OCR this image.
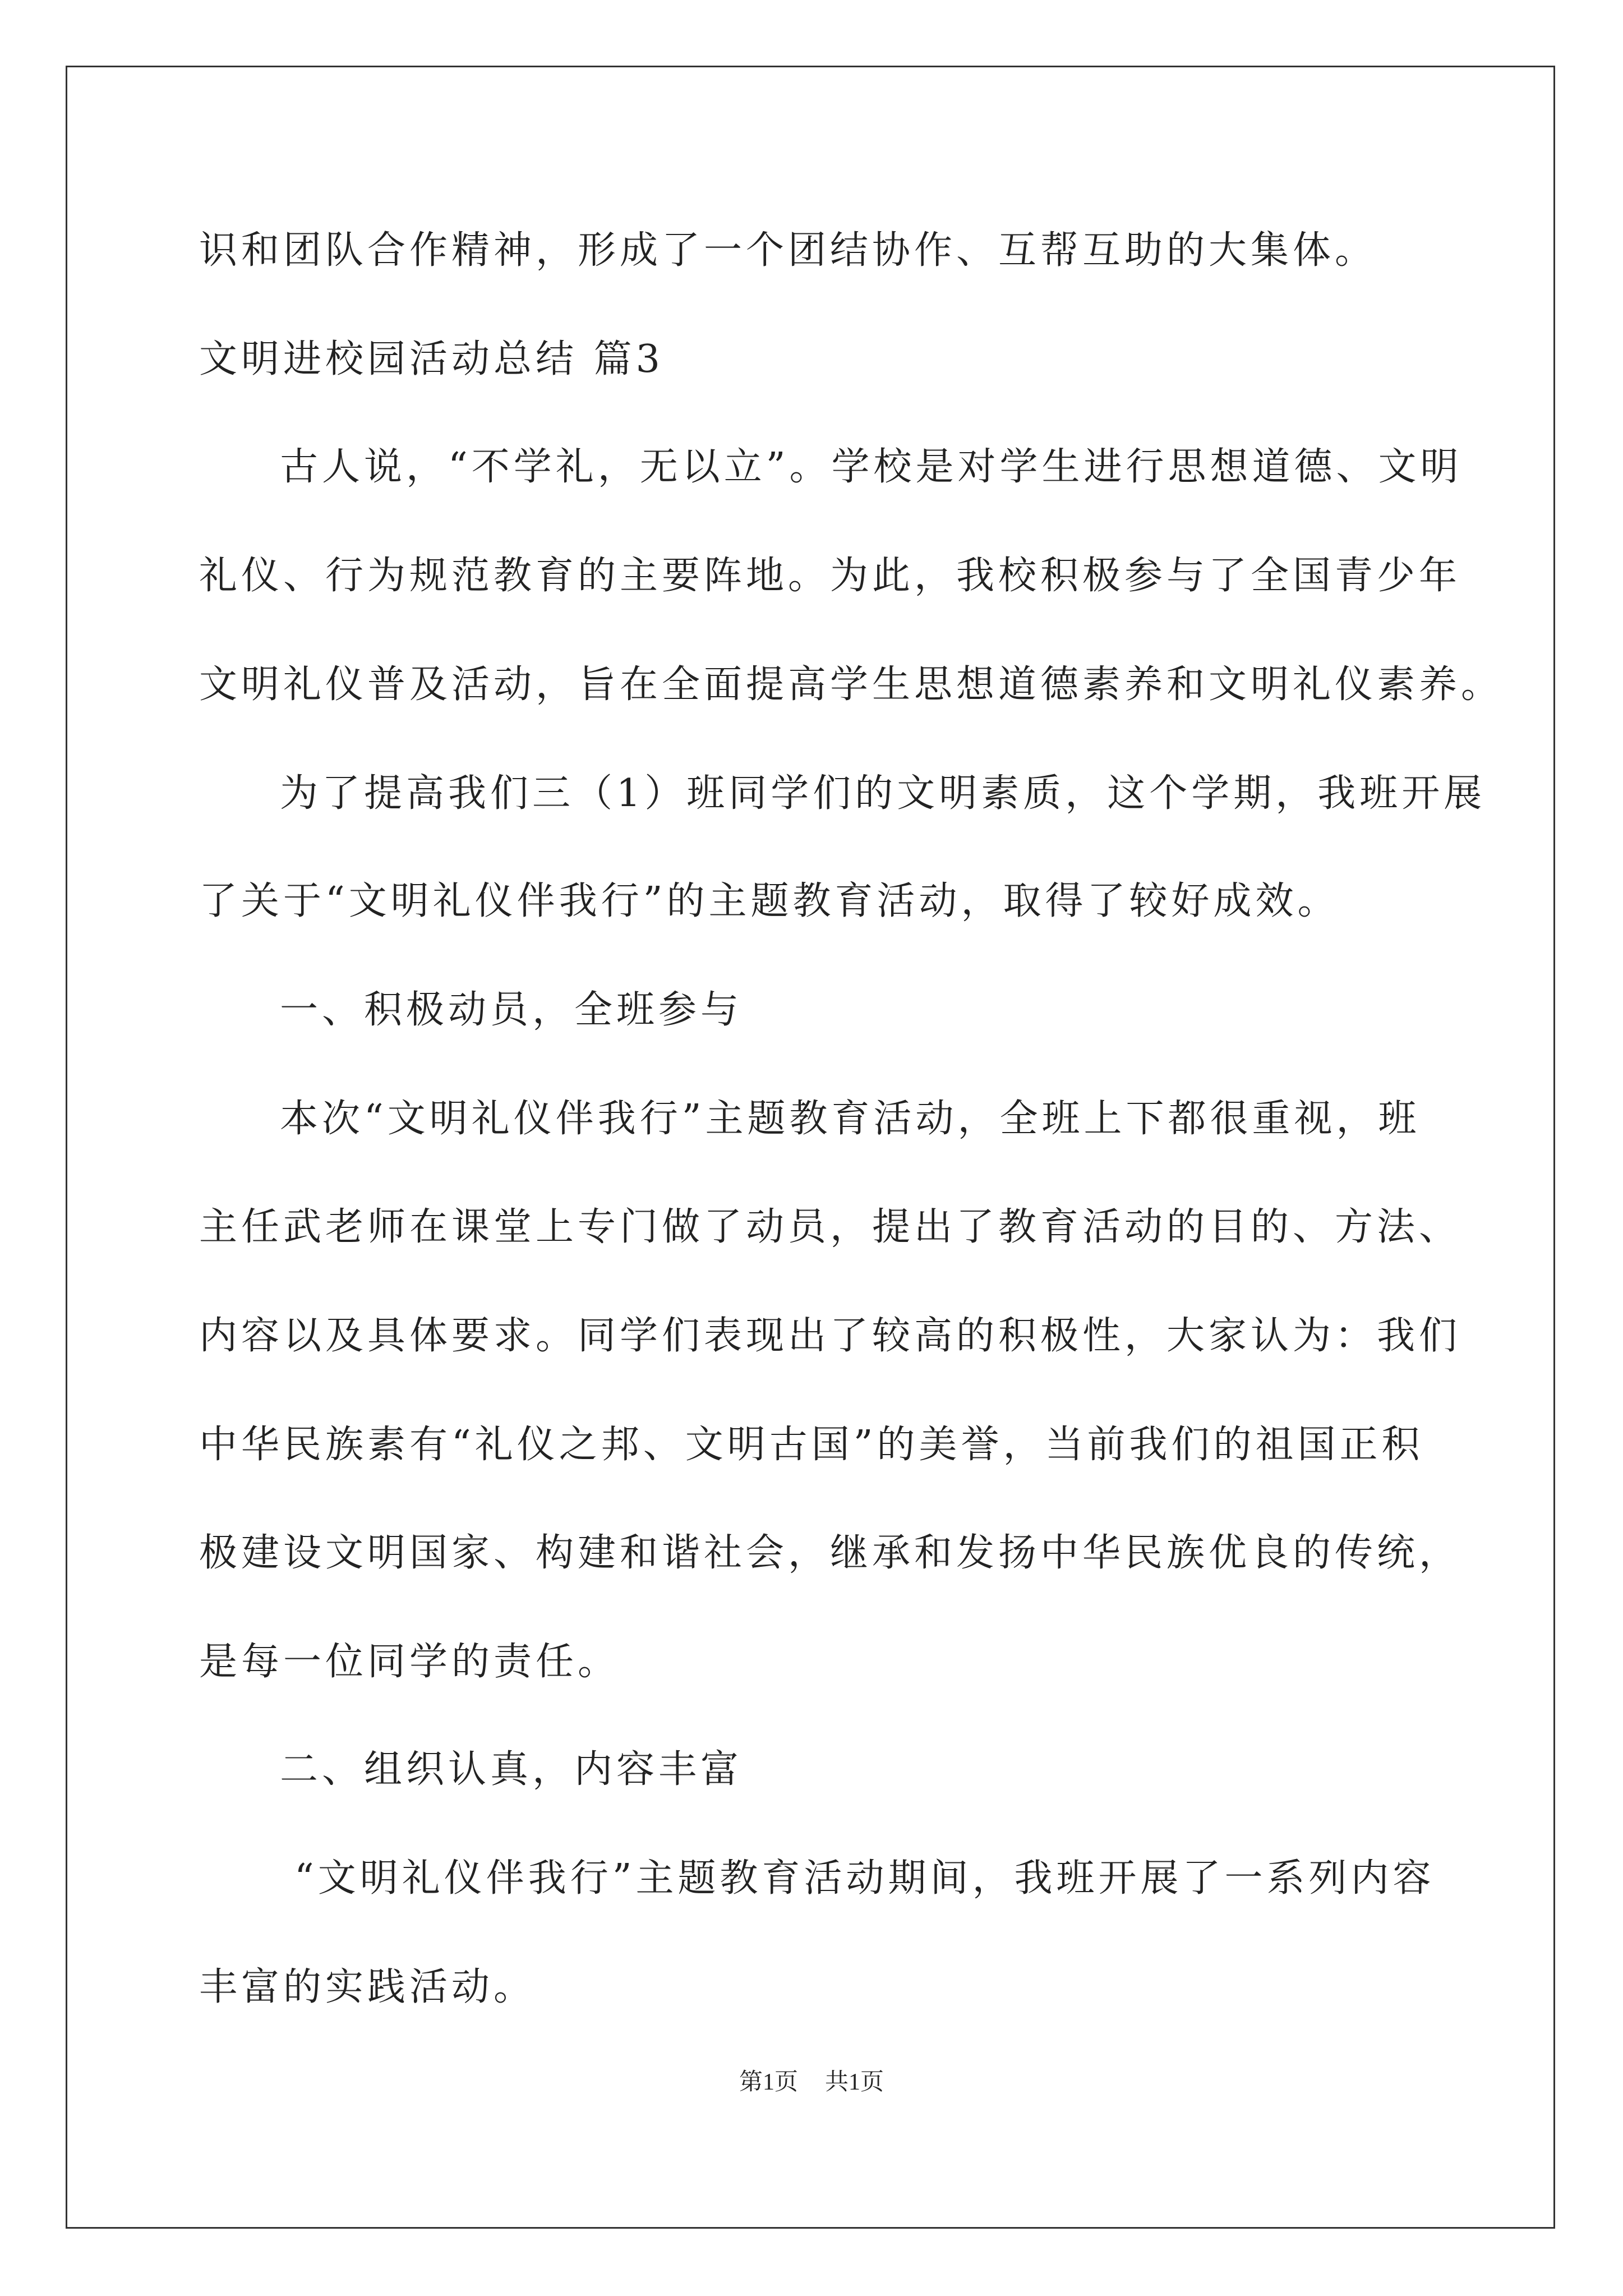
识和团队合作精神，形成了一个团结协作、互帮互助的大集体。
文明进校园活动总结 篇3
古人说，“不学礼，无以立”。学校是对学生进行思想道德、文明
礼仪、行为规范教育的主要阵地。为此，我校积极参与了全国青少年
文明礼仪普及活动，旨在全面提高学生思想道德素养和文明礼仪素养。
为了提高我们三（1）班同学们的文明素质，这个学期，我班开展
了关于“文明礼仪伴我行”的主题教育活动，取得了较好成效。
一、积极动员，全班参与
本次“文明礼仪伴我行”主题教育活动，全班上下都很重视，班
主任武老师在课堂上专门做了动员，提出了教育活动的目的、方法、
内容以及具体要求。同学们表现出了较高的积极性，大家认为：我们
中华民族素有“礼仪之邦、文明古国”的美誉，当前我们的祖国正积
极建设文明国家、构建和谐社会，继承和发扬中华民族优良的传统，
是每一位同学的责任。
二、组织认真，内容丰富
“文明礼仪伴我行”主题教育活动期间，我班开展了一系列内容
丰富的实践活动。
第1页 共1页
